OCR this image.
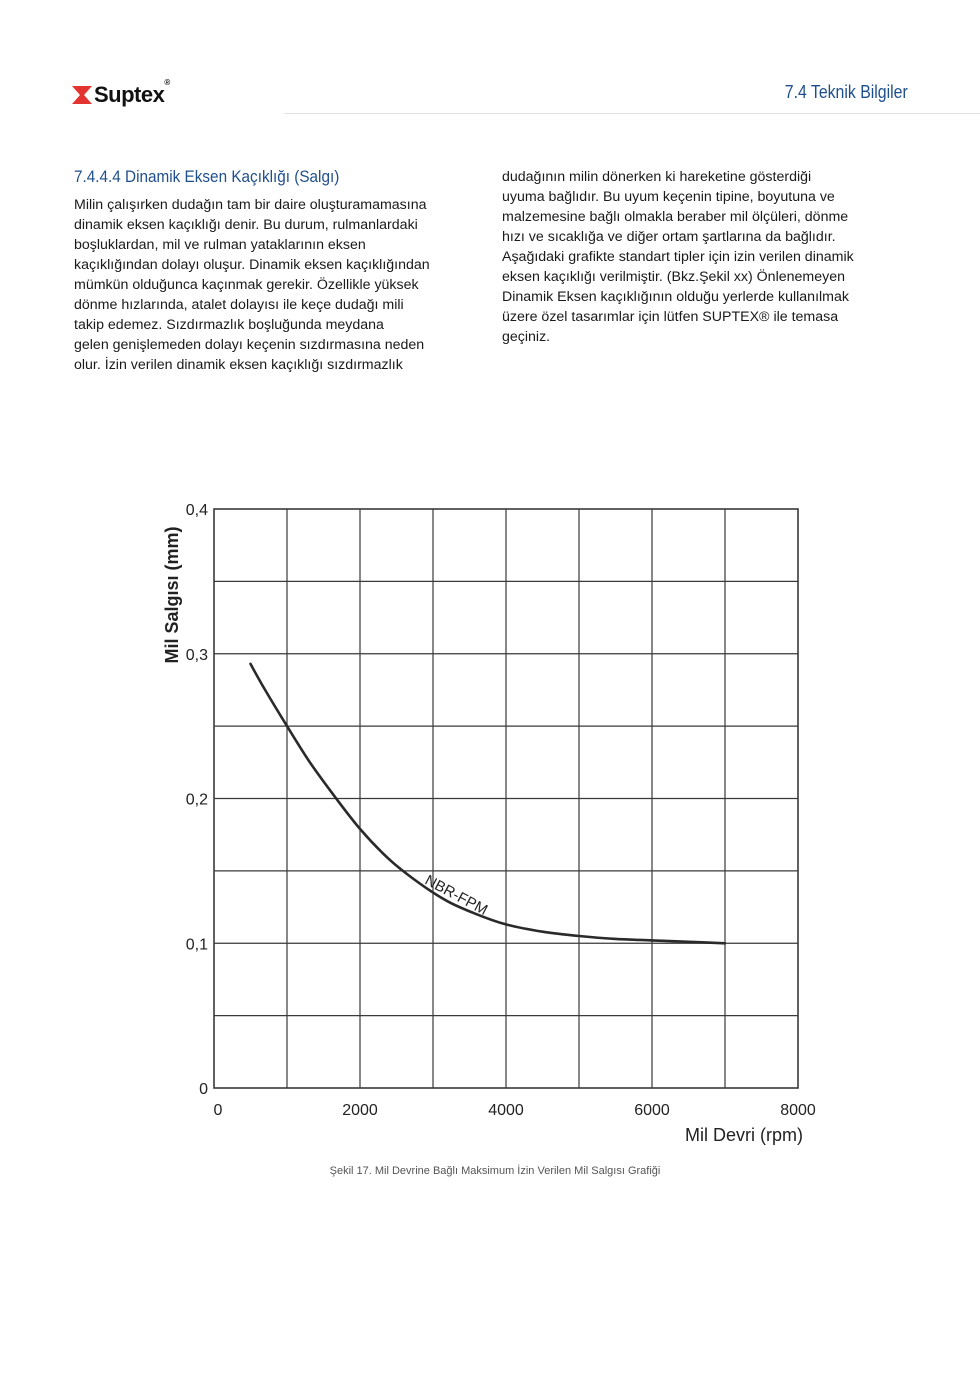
Suptex®	7.4 Teknik Bilgiler
7.4.4.4 Dinamik Eksen Kaçıklığı (Salgı)

Milin çalışırken dudağın tam bir daire oluşturamamasına

dinamik eksen kaçıklığı denir. Bu durum, rulmanlardaki

boşluklardan, mil ve rulman yataklarının eksen

kaçıklığından dolayı oluşur. Dinamik eksen kaçıklığından

mümkün olduğunca kaçınmak gerekir. Özellikle yüksek

dönme hızlarında, atalet dolayısı ile keçe dudağı mili

takip edemez. Sızdırmazlık boşluğunda meydana

gelen genişlemeden dolayı keçenin sızdırmasına neden

olur. İzin verilen dinamik eksen kaçıklığı sızdırmazlık

dudağının milin dönerken ki hareketine gösterdiği

uyuma bağlıdır. Bu uyum keçenin tipine, boyutuna ve

malzemesine bağlı olmakla beraber mil ölçüleri, dönme

hızı ve sıcaklığa ve diğer ortam şartlarına da bağlıdır.

Aşağıdaki grafikte standart tipler için izin verilen dinamik

eksen kaçıklığı verilmiştir. (Bkz.Şekil xx) Önlenemeyen

Dinamik Eksen kaçıklığının olduğu yerlerde kullanılmak

üzere özel tasarımlar için lütfen SUPTEX® ile temasa

geçiniz.

0
0,1
0,2
0,3
0,4
0	2000	4000	6000	8000
Mil Devri (rpm)
Mil Salgısı (mm)
NBR-FPM
Şekil 17. Mil Devrine Bağlı Maksimum İzin Verilen Mil Salgısı Grafiği
